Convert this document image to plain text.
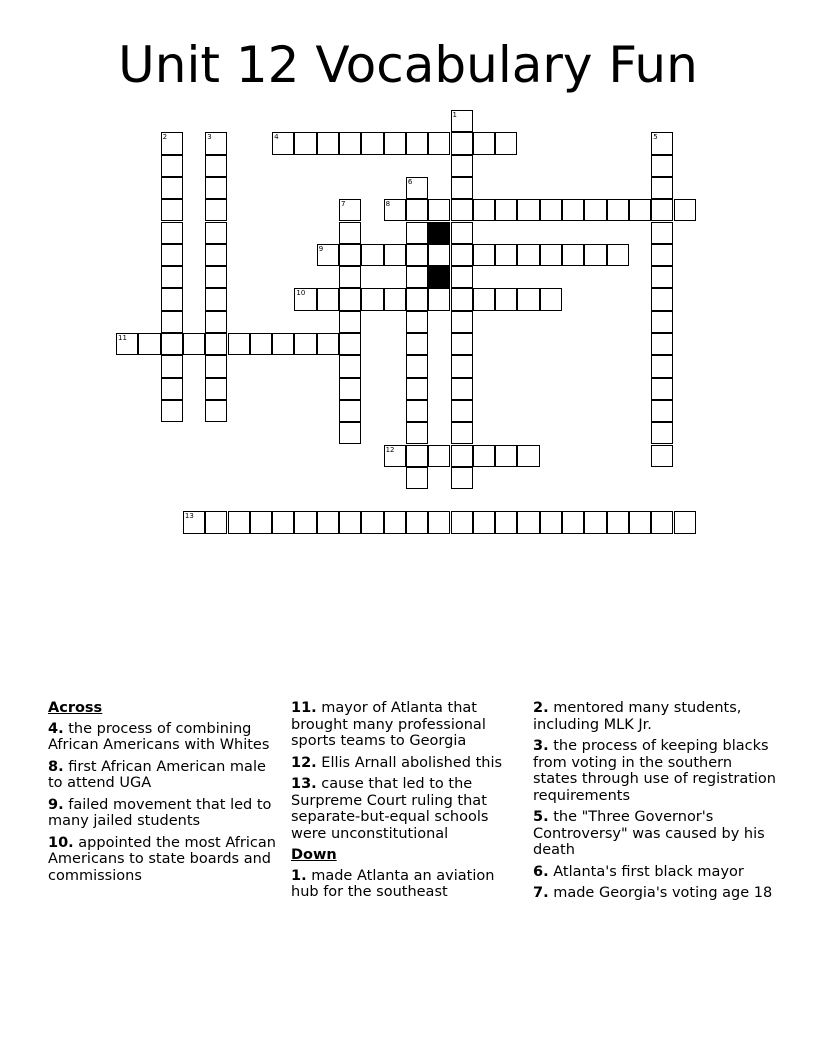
Unit 12 Vocabulary Fun
1
2	3	4	5
6
7	8
9
10
11
12
13
Across
4. the process of combining African Americans with Whites
8. first African American male to attend UGA
9. failed movement that led to many jailed students
10. appointed the most African Americans to state boards and commissions
11. mayor of Atlanta that brought many professional sports teams to Georgia
12. Ellis Arnall abolished this
13. cause that led to the Surpreme Court ruling that separate-but-equal schools were unconstitutional
Down
1. made Atlanta an aviation hub for the southeast
2. mentored many students, including MLK Jr.
3. the process of keeping blacks from voting in the southern states through use of registration requirements
5. the "Three Governor's Controversy" was caused by his death
6. Atlanta's first black mayor
7. made Georgia's voting age 18
